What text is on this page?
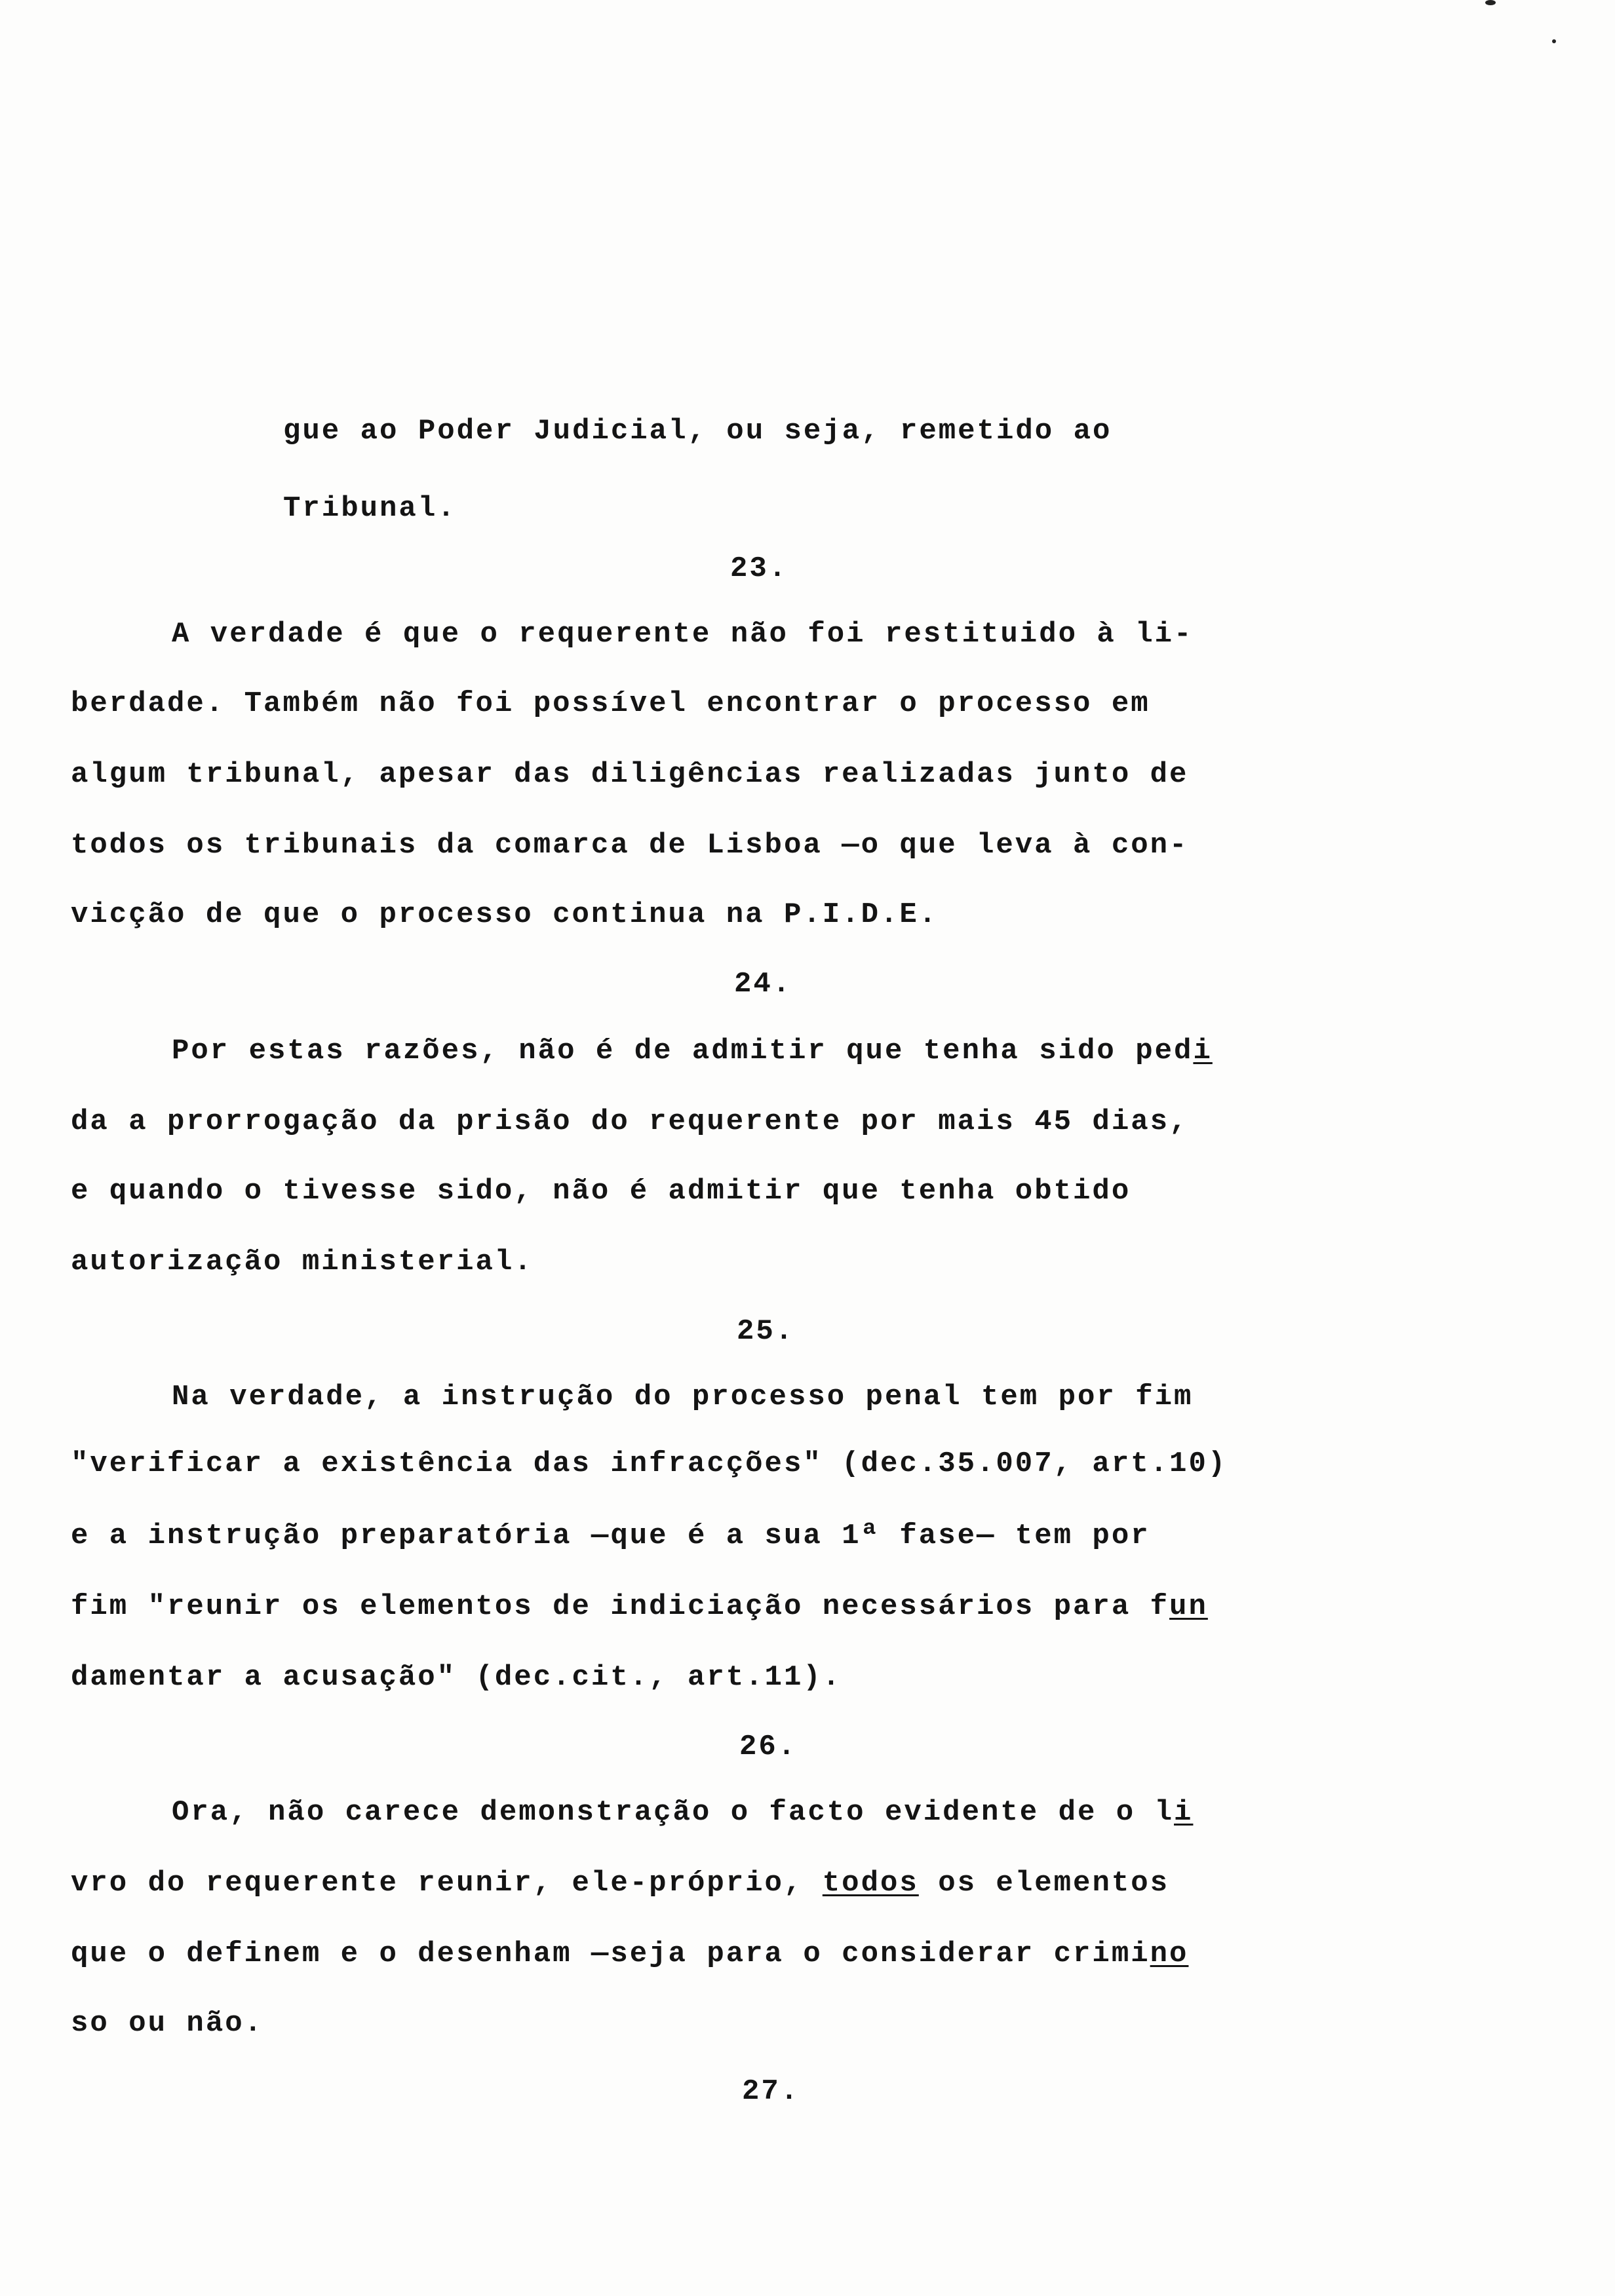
gue ao Poder Judicial, ou seja, remetido ao
Tribunal.
23.
A verdade é que o requerente não foi restituido à li-
berdade. Também não foi possível encontrar o processo em
algum tribunal, apesar das diligências realizadas junto de
todos os tribunais da comarca de Lisboa —o que leva à con-
vicção de que o processo continua na P.I.D.E.
24.
Por estas razões, não é de admitir que tenha sido pedi
da a prorrogação da prisão do requerente por mais 45 dias,
e quando o tivesse sido, não é admitir que tenha obtido
autorização ministerial.
25.
Na verdade, a instrução do processo penal tem por fim
"verificar a existência das infracções" (dec.35.007, art.10)
e a instrução preparatória —que é a sua 1ª fase— tem por
fim "reunir os elementos de indiciação necessários para fun
damentar a acusação" (dec.cit., art.11).
26.
Ora, não carece demonstração o facto evidente de o li
vro do requerente reunir, ele-próprio, todos os elementos
que o definem e o desenham —seja para o considerar crimino
so ou não.
27.
